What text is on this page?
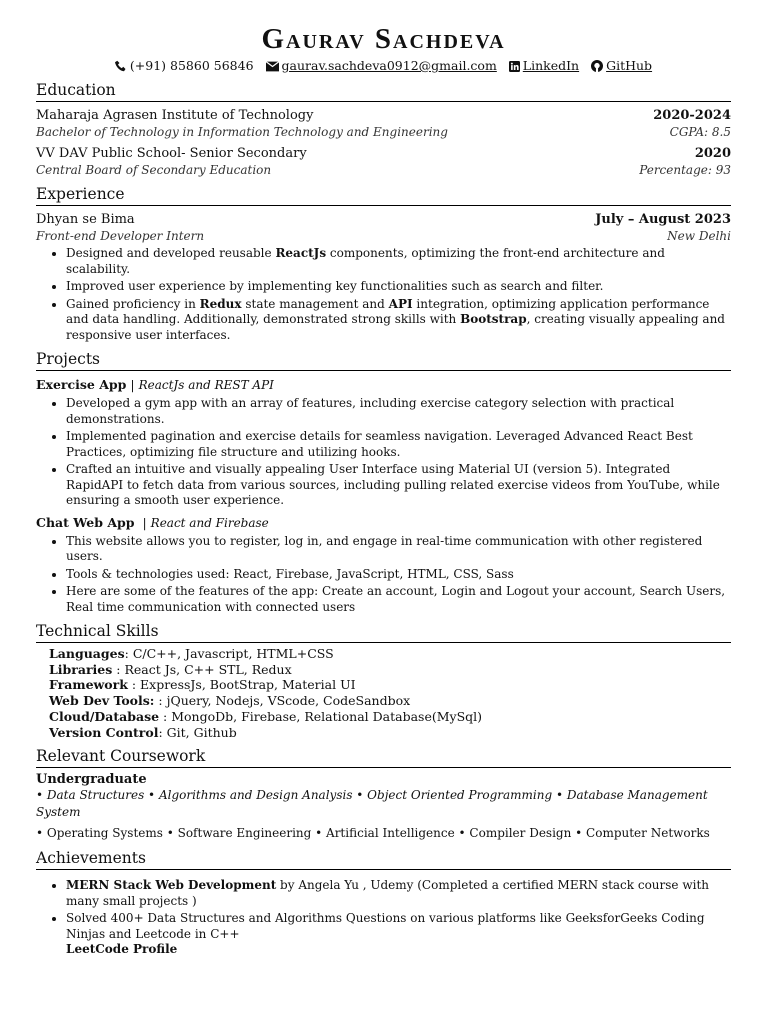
Gaurav Sachdeva
(+91) 85860 56846 gaurav.sachdeva0912@gmail.com LinkedIn GitHub
Education
Maharaja Agrasen Institute of Technology	2020-2024
Bachelor of Technology in Information Technology and Engineering	CGPA: 8.5
VV DAV Public School- Senior Secondary	2020
Central Board of Secondary Education	Percentage: 93
Experience
Dhyan se Bima	July – August 2023
Front-end Developer Intern	New Delhi
• Designed and developed reusable ReactJs components, optimizing the front-end architecture and scalability.
• Improved user experience by implementing key functionalities such as search and filter.
• Gained proficiency in Redux state management and API integration, optimizing application performance and data handling. Additionally, demonstrated strong skills with Bootstrap, creating visually appealing and responsive user interfaces.
Projects
Exercise App | ReactJs and REST API
• Developed a gym app with an array of features, including exercise category selection with practical demonstrations.
• Implemented pagination and exercise details for seamless navigation. Leveraged Advanced React Best Practices, optimizing file structure and utilizing hooks.
• Crafted an intuitive and visually appealing User Interface using Material UI (version 5). Integrated RapidAPI to fetch data from various sources, including pulling related exercise videos from YouTube, while ensuring a smooth user experience.
Chat Web App  | React and Firebase
• This website allows you to register, log in, and engage in real-time communication with other registered users.
• Tools & technologies used: React, Firebase, JavaScript, HTML, CSS, Sass
• Here are some of the features of the app: Create an account, Login and Logout your account, Search Users, Real time communication with connected users
Technical Skills
Languages: C/C++, Javascript, HTML+CSS
Libraries : React Js, C++ STL, Redux
Framework : ExpressJs, BootStrap, Material UI
Web Dev Tools: : jQuery, Nodejs, VScode, CodeSandbox
Cloud/Database : MongoDb, Firebase, Relational Database(MySql)
Version Control: Git, Github
Relevant Coursework
Undergraduate
• Data Structures • Algorithms and Design Analysis • Object Oriented Programming • Database Management System
• Operating Systems • Software Engineering • Artificial Intelligence • Compiler Design • Computer Networks
Achievements
• MERN Stack Web Development by Angela Yu , Udemy (Completed a certified MERN stack course with many small projects )
• Solved 400+ Data Structures and Algorithms Questions on various platforms like GeeksforGeeks Coding Ninjas and Leetcode in C++
LeetCode Profile
